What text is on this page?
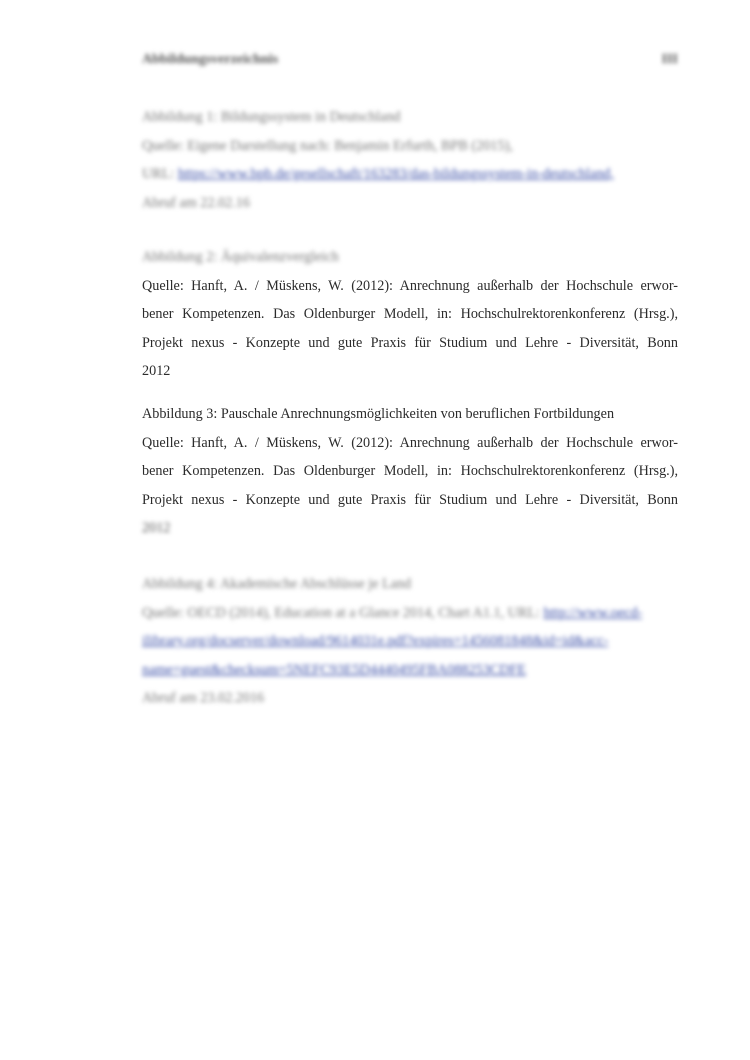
Abbildungsverzeichnis	III
Abbildung 1: Bildungssystem in Deutschland
Quelle: Eigene Darstellung nach: Benjamin Erfurth, BPB (2015),
URL: https://www.bpb.de/gesellschaft/163283/das-bildungssystem-in-deutschland,
Abruf am 22.02.16
Abbildung 2: Äquivalenzvergleich
Quelle: Hanft, A. / Müskens, W. (2012): Anrechnung außerhalb der Hochschule erwor-
bener Kompetenzen. Das Oldenburger Modell, in: Hochschulrektorenkonferenz (Hrsg.),
Projekt nexus - Konzepte und gute Praxis für Studium und Lehre - Diversität, Bonn
2012
Abbildung 3: Pauschale Anrechnungsmöglichkeiten von beruflichen Fortbildungen
Quelle: Hanft, A. / Müskens, W. (2012): Anrechnung außerhalb der Hochschule erwor-
bener Kompetenzen. Das Oldenburger Modell, in: Hochschulrektorenkonferenz (Hrsg.),
Projekt nexus - Konzepte und gute Praxis für Studium und Lehre - Diversität, Bonn
2012
Abbildung 4: Akademische Abschlüsse je Land
Quelle: OECD (2014), Education at a Glance 2014, Chart A1.1, URL: http://www.oecd-
ilibrary.org/docserver/download/9614031e.pdf?expires=1456081848&id=id&acc-
name=guest&checksum=5NEFC93E5D4440495FBA088253CDFE
Abruf am 23.02.2016
